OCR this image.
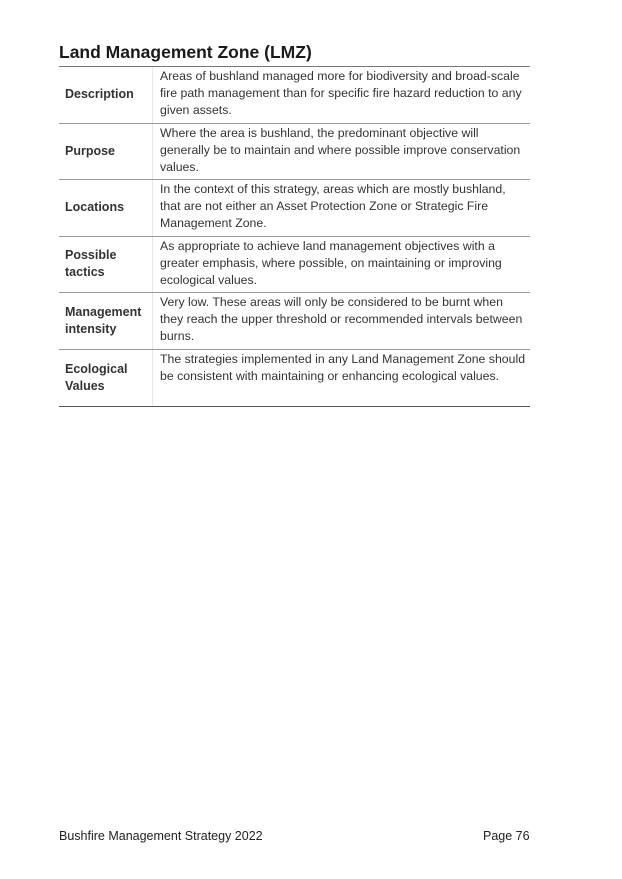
Land Management Zone (LMZ)
Description
Areas of bushland managed more for biodiversity and broad-scale fire path management than for specific fire hazard reduction to any given assets.
Purpose
Where the area is bushland, the predominant objective will generally be to maintain and where possible improve conservation values.
Locations
In the context of this strategy, areas which are mostly bushland, that are not either an Asset Protection Zone or Strategic Fire Management Zone.
Possible tactics
As appropriate to achieve land management objectives with a greater emphasis, where possible, on maintaining or improving ecological values.
Management intensity
Very low. These areas will only be considered to be burnt when they reach the upper threshold or recommended intervals between burns.
Ecological Values
The strategies implemented in any Land Management Zone should be consistent with maintaining or enhancing ecological values.
Bushfire Management Strategy 2022	Page 76
